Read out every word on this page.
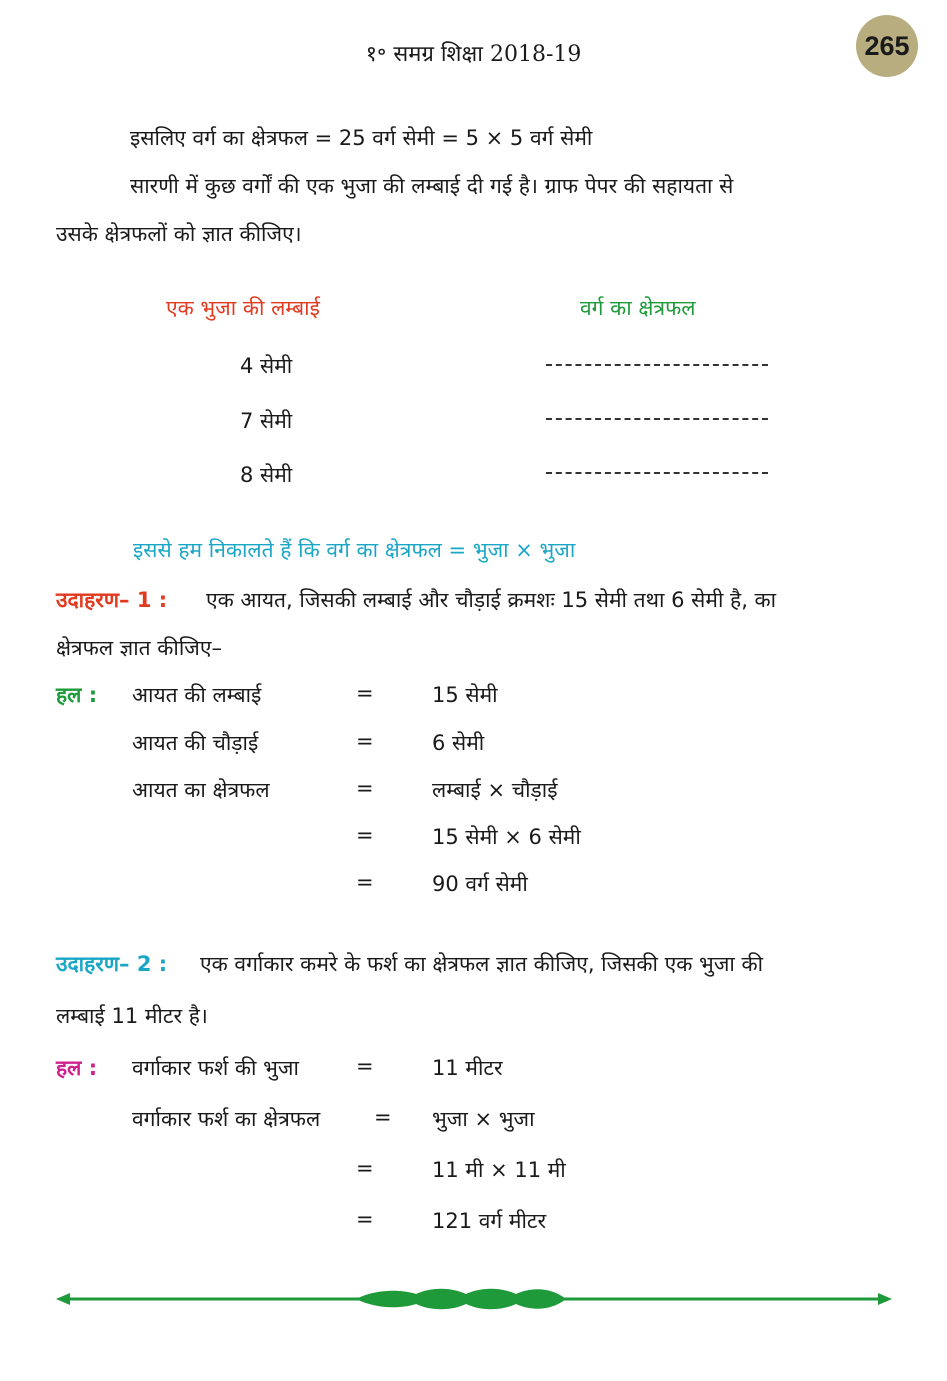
१॰ समग्र शिक्षा 2018-19	265
इसलिए वर्ग का क्षेत्रफल = 25 वर्ग सेमी = 5 × 5 वर्ग सेमी
सारणी में कुछ वर्गों की एक भुजा की लम्बाई दी गई है। ग्राफ पेपर की सहायता से
उसके क्षेत्रफलों को ज्ञात कीजिए।
एक भुजा की लम्बाई	वर्ग का क्षेत्रफल
4 सेमी
7 सेमी
8 सेमी
इससे हम निकालते हैं कि वर्ग का क्षेत्रफल = भुजा × भुजा
उदाहरण– 1 : एक आयत, जिसकी लम्बाई और चौड़ाई क्रमशः 15 सेमी तथा 6 सेमी है, का
क्षेत्रफल ज्ञात कीजिए–
हल : आयत की लम्बाई	=	15 सेमी
आयत की चौड़ाई	=	6 सेमी
आयत का क्षेत्रफल	=	लम्बाई × चौड़ाई
=	15 सेमी × 6 सेमी
=	90 वर्ग सेमी
उदाहरण– 2 : एक वर्गाकार कमरे के फर्श का क्षेत्रफल ज्ञात कीजिए, जिसकी एक भुजा की
लम्बाई 11 मीटर है।
हल : वर्गाकार फर्श की भुजा	=	11 मीटर
वर्गाकार फर्श का क्षेत्रफल	= भुजा × भुजा
=	11 मी × 11 मी
=	121 वर्ग मीटर
